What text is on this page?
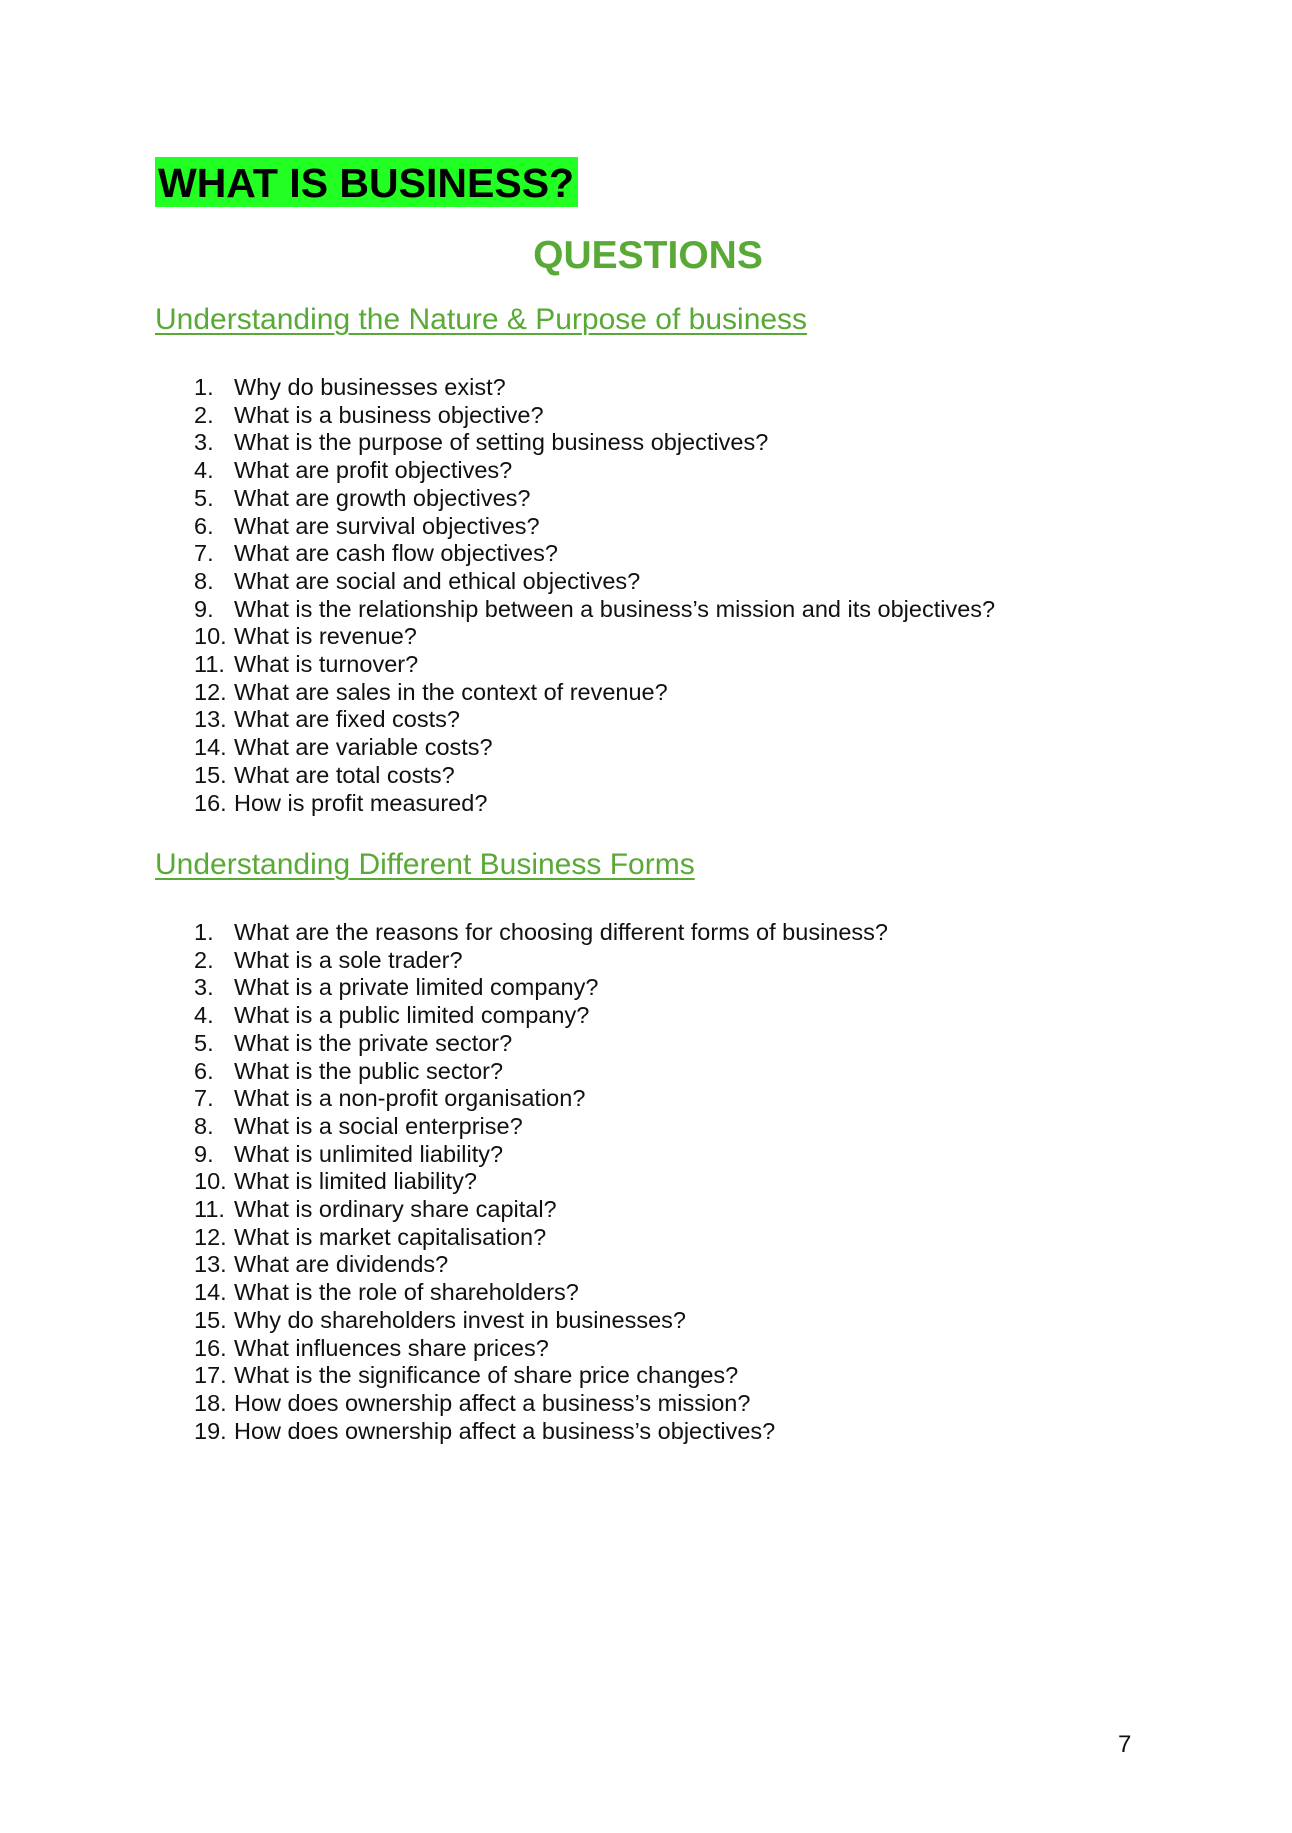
WHAT IS BUSINESS?
QUESTIONS
Understanding the Nature & Purpose of business
1. Why do businesses exist?
2. What is a business objective?
3. What is the purpose of setting business objectives?
4. What are profit objectives?
5. What are growth objectives?
6. What are survival objectives?
7. What are cash flow objectives?
8. What are social and ethical objectives?
9. What is the relationship between a business’s mission and its objectives?
10. What is revenue?
11. What is turnover?
12. What are sales in the context of revenue?
13. What are fixed costs?
14. What are variable costs?
15. What are total costs?
16. How is profit measured?
Understanding Different Business Forms
1. What are the reasons for choosing different forms of business?
2. What is a sole trader?
3. What is a private limited company?
4. What is a public limited company?
5. What is the private sector?
6. What is the public sector?
7. What is a non-profit organisation?
8. What is a social enterprise?
9. What is unlimited liability?
10. What is limited liability?
11. What is ordinary share capital?
12. What is market capitalisation?
13. What are dividends?
14. What is the role of shareholders?
15. Why do shareholders invest in businesses?
16. What influences share prices?
17. What is the significance of share price changes?
18. How does ownership affect a business’s mission?
19. How does ownership affect a business’s objectives?
7
